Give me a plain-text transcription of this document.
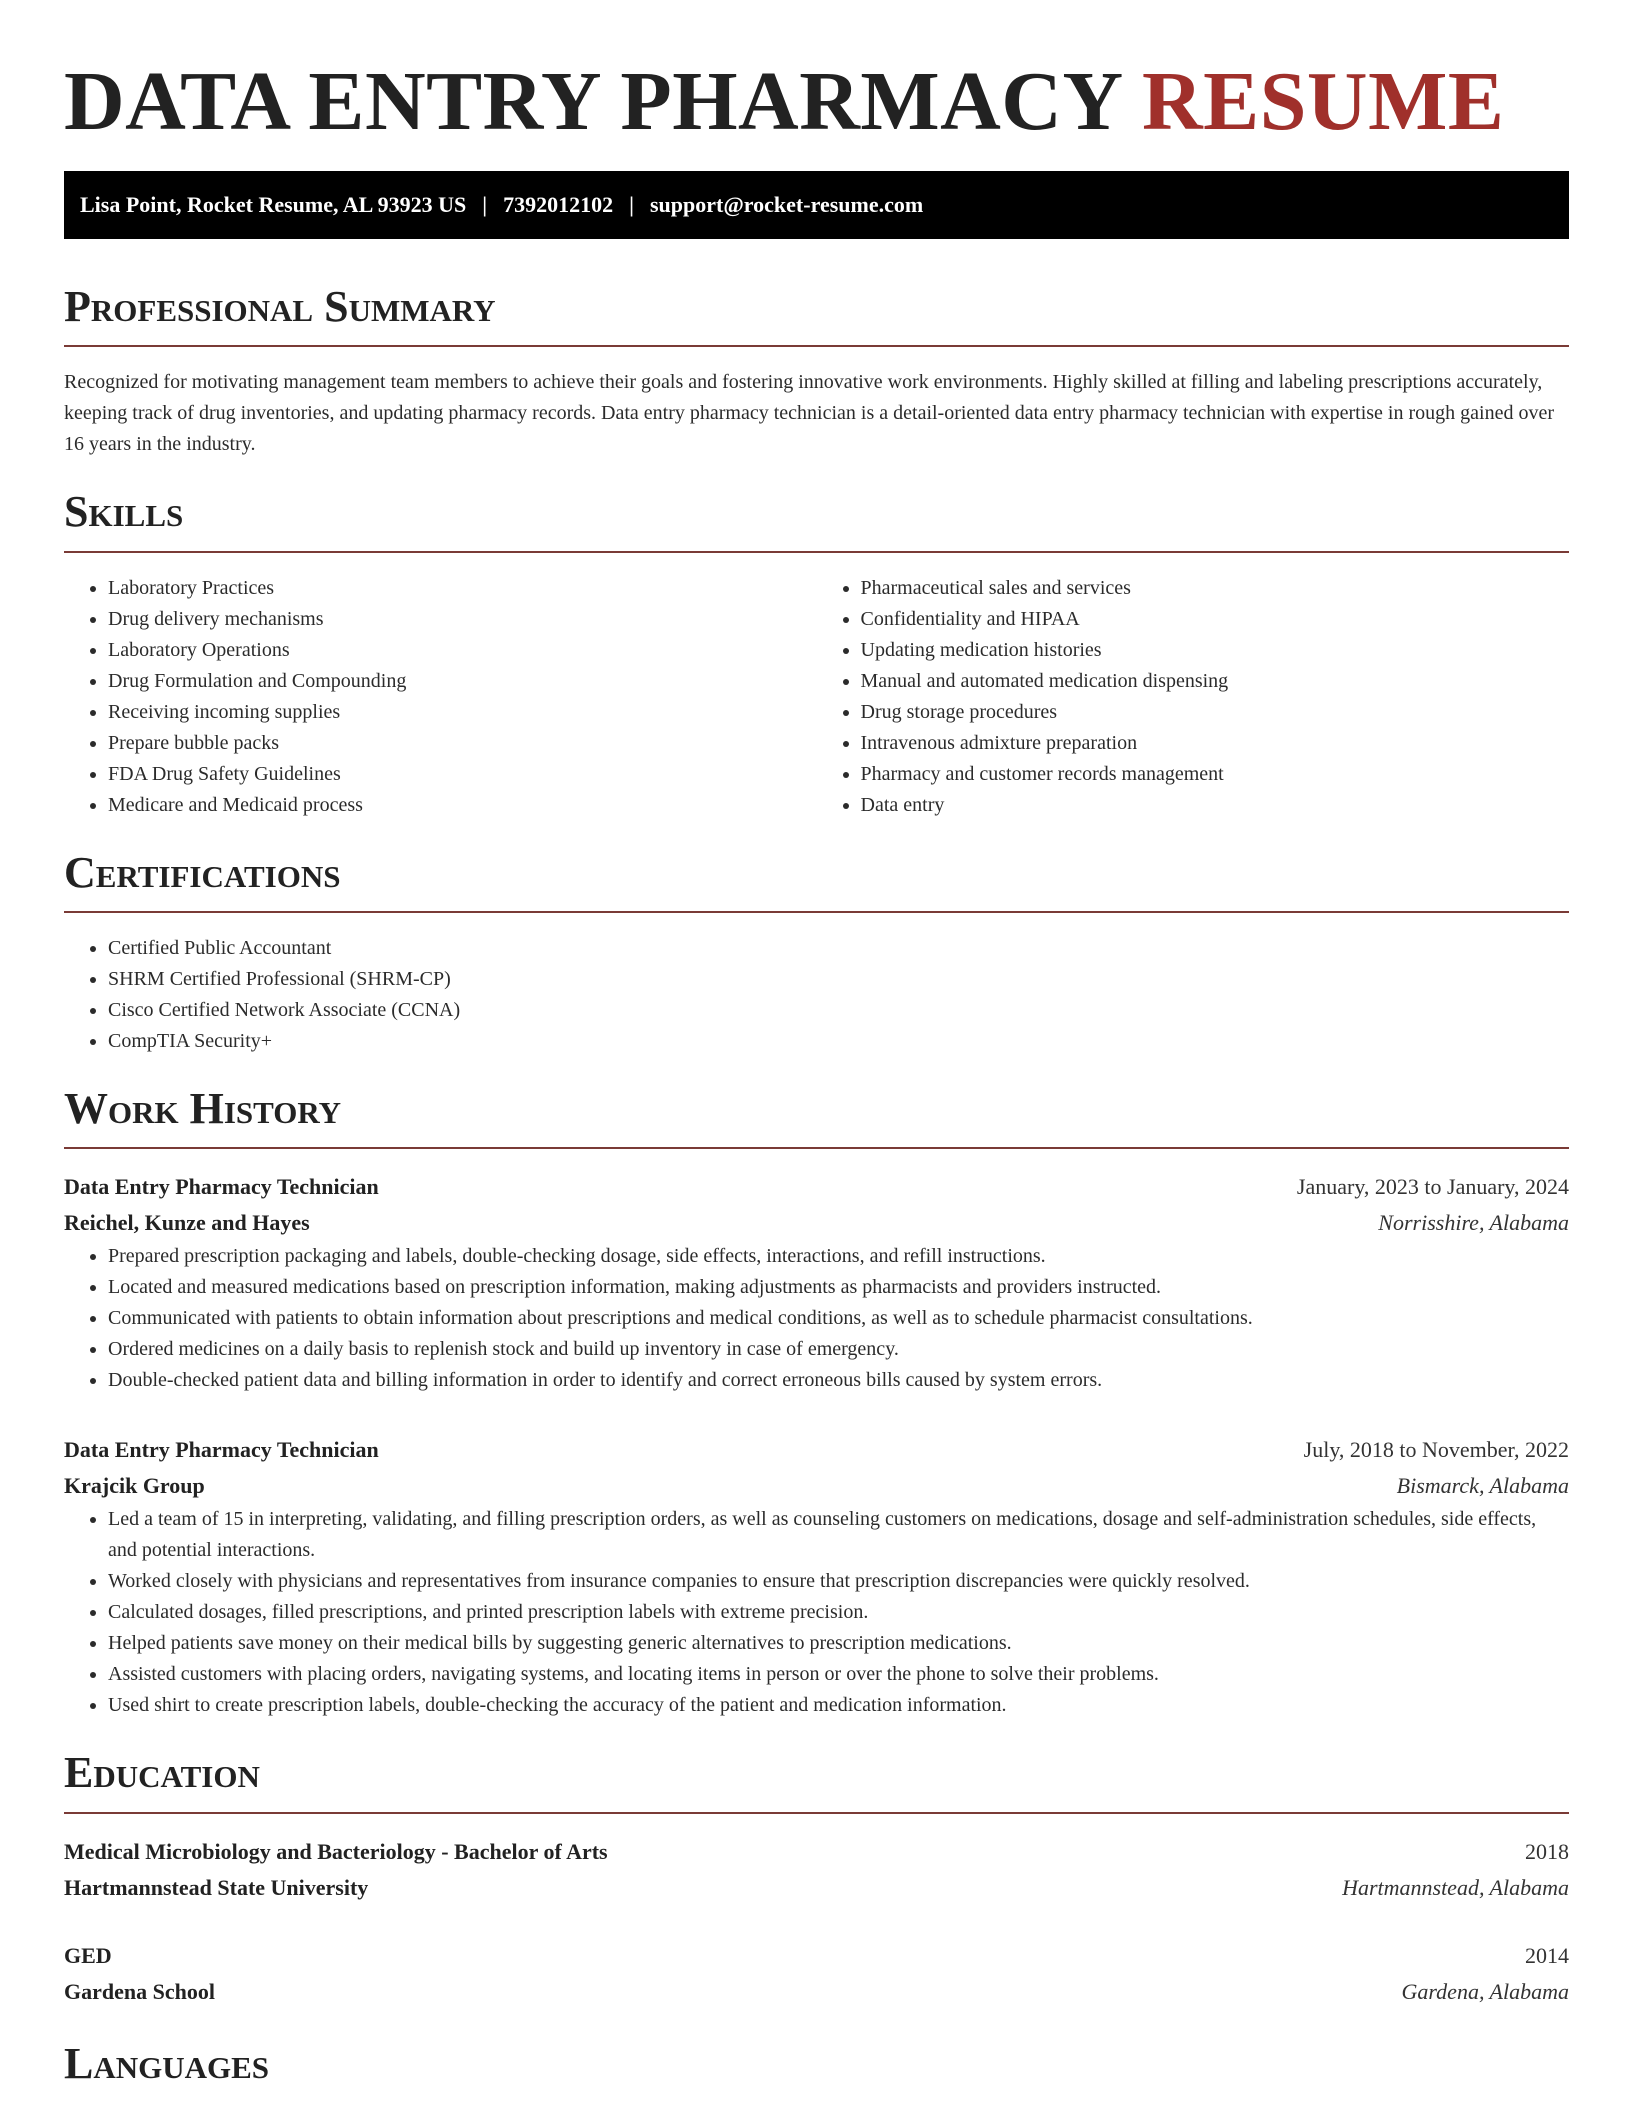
DATA ENTRY PHARMACY RESUME
Lisa Point, Rocket Resume, AL 93923 US | 7392012102 | support@rocket-resume.com
Professional Summary

Recognized for motivating management team members to achieve their goals and fostering innovative work environments. Highly skilled at filling and labeling prescriptions accurately, keeping track of drug inventories, and updating pharmacy records. Data entry pharmacy technician is a detail-oriented data entry pharmacy technician with expertise in rough gained over 16 years in the industry.

Skills
• Laboratory Practices
• Drug delivery mechanisms
• Laboratory Operations
• Drug Formulation and Compounding
• Receiving incoming supplies
• Prepare bubble packs
• FDA Drug Safety Guidelines
• Medicare and Medicaid process
• Pharmaceutical sales and services
• Confidentiality and HIPAA
• Updating medication histories
• Manual and automated medication dispensing
• Drug storage procedures
• Intravenous admixture preparation
• Pharmacy and customer records management
• Data entry
Certifications
• Certified Public Accountant
• SHRM Certified Professional (SHRM-CP)
• Cisco Certified Network Associate (CCNA)
• CompTIA Security+
Work History
Data Entry Pharmacy Technician	January, 2023 to January, 2024
Reichel, Kunze and Hayes	Norrisshire, Alabama
• Prepared prescription packaging and labels, double-checking dosage, side effects, interactions, and refill instructions.
• Located and measured medications based on prescription information, making adjustments as pharmacists and providers instructed.
• Communicated with patients to obtain information about prescriptions and medical conditions, as well as to schedule pharmacist consultations.
• Ordered medicines on a daily basis to replenish stock and build up inventory in case of emergency.
• Double-checked patient data and billing information in order to identify and correct erroneous bills caused by system errors.
Data Entry Pharmacy Technician	July, 2018 to November, 2022
Krajcik Group	Bismarck, Alabama
• Led a team of 15 in interpreting, validating, and filling prescription orders, as well as counseling customers on medications, dosage and self-administration schedules, side effects, and potential interactions.
• Worked closely with physicians and representatives from insurance companies to ensure that prescription discrepancies were quickly resolved.
• Calculated dosages, filled prescriptions, and printed prescription labels with extreme precision.
• Helped patients save money on their medical bills by suggesting generic alternatives to prescription medications.
• Assisted customers with placing orders, navigating systems, and locating items in person or over the phone to solve their problems.
• Used shirt to create prescription labels, double-checking the accuracy of the patient and medication information.
Education
Medical Microbiology and Bacteriology - Bachelor of Arts	2018
Hartmannstead State University	Hartmannstead, Alabama
GED	2014
Gardena School	Gardena, Alabama
Languages
